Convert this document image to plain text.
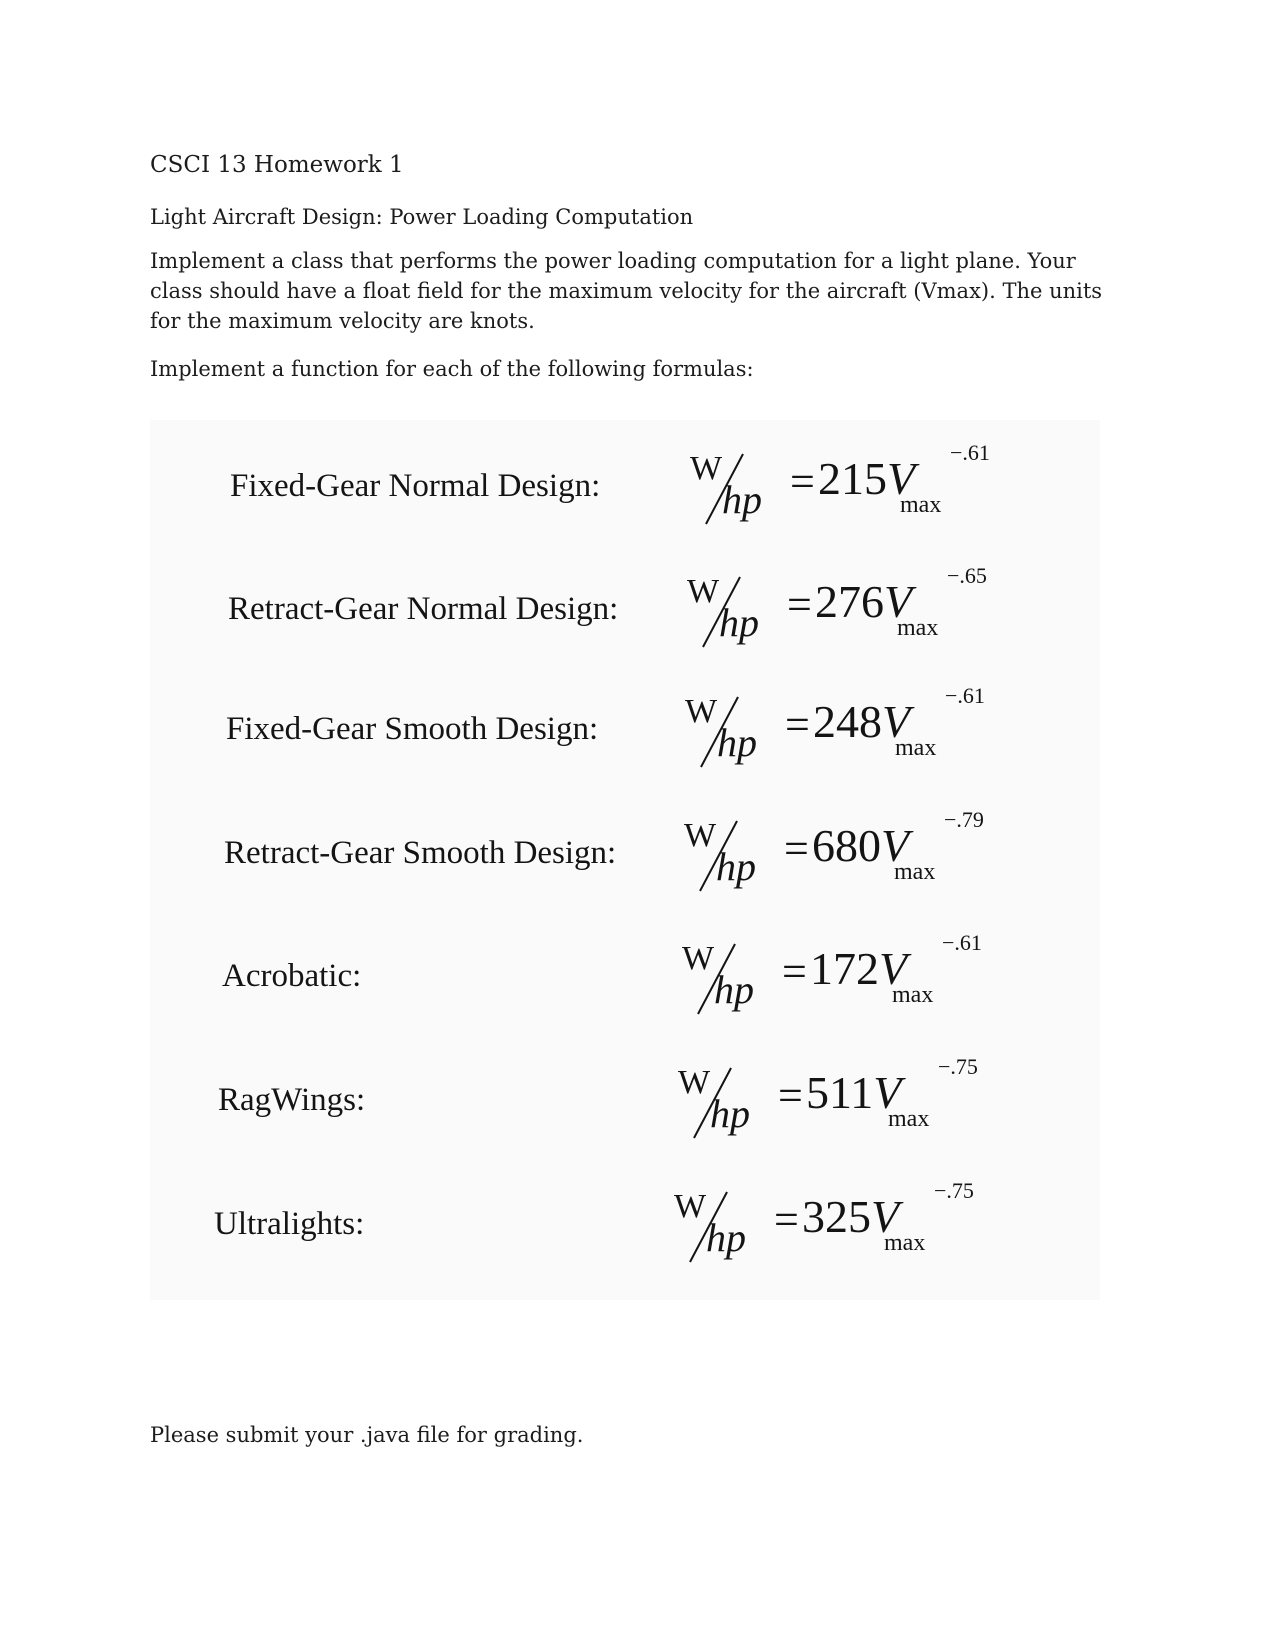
CSCI 13 Homework 1
Light Aircraft Design: Power Loading Computation
Implement a class that performs the power loading computation for a light plane. Your class should have a float field for the maximum velocity for the aircraft (Vmax). The units for the maximum velocity are knots.
Implement a function for each of the following formulas:
Fixed-Gear Normal Design:	W
hp = 215V
max
−.61
Retract-Gear Normal Design: W
hp = 276V
max
−.65
Fixed-Gear Smooth Design:	W
hp = 248V
max
−.61
Retract-Gear Smooth Design: W
hp = 680V
max
−.79
Acrobatic:	W
hp = 172V
max
−.61
RagWings:	W
hp = 511V
max
−.75
Ultralights:	W
hp = 325V
max
−.75
Please submit your .java file for grading.
